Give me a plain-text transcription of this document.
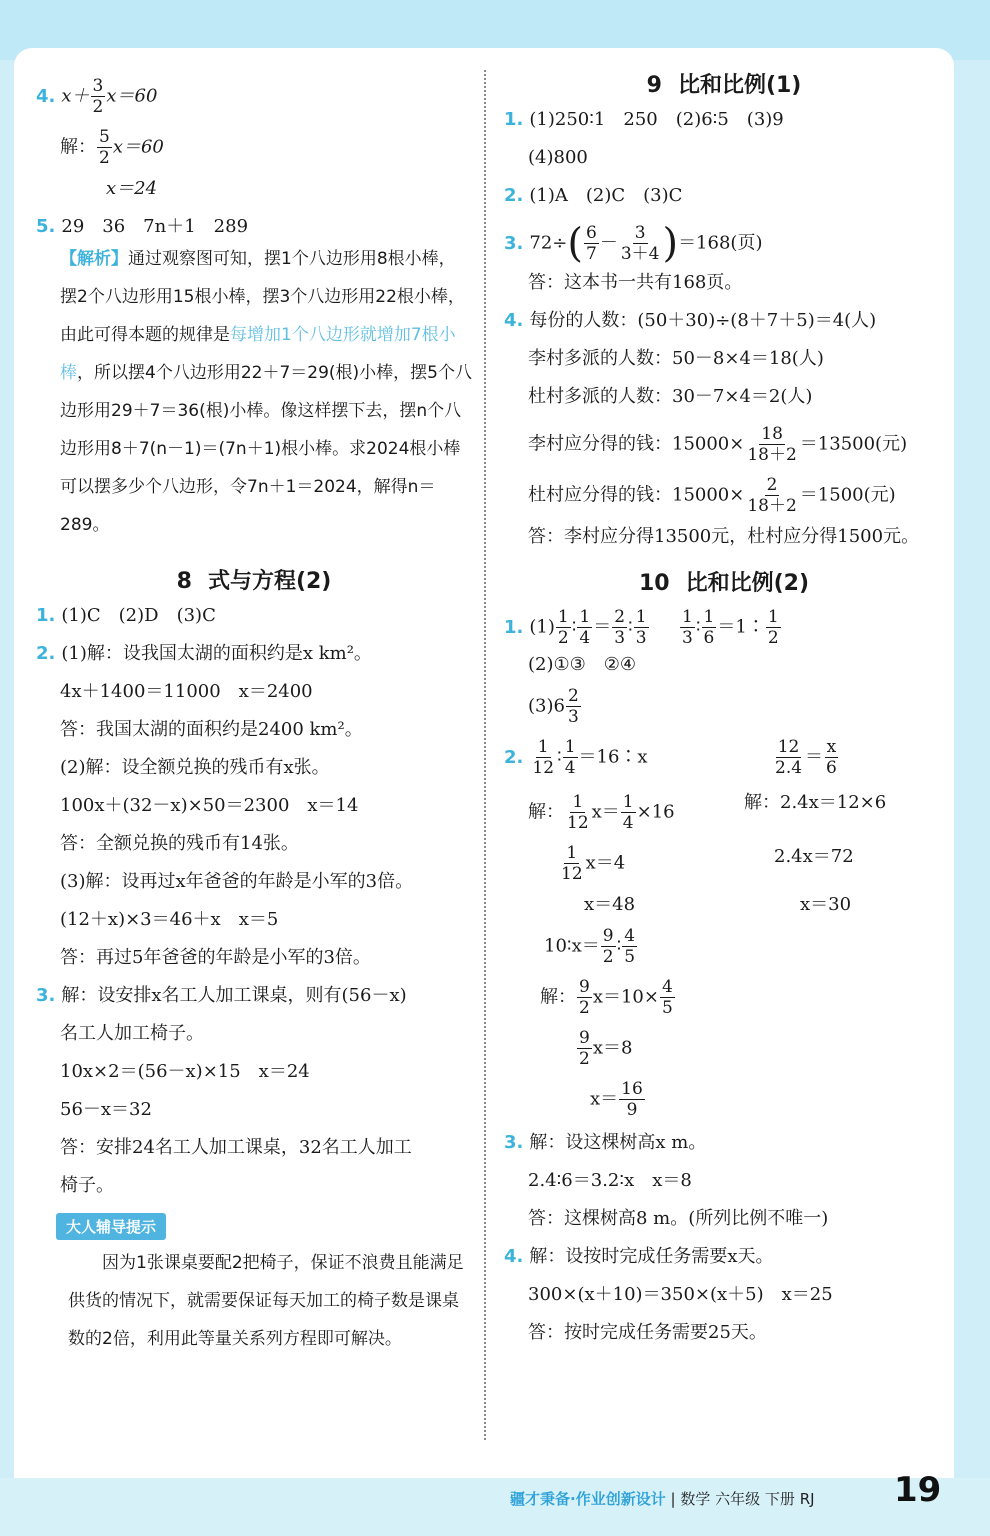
4. $x+ \frac{3}{2} x=60$
解： $\frac{5}{2} x=60$
x＝24
5. 29　36　7n＋1　289
【解析】通过观察图可知，摆1个八边形用8根小棒，摆2个八边形用15根小棒，摆3个八边形用22根小棒，由此可得本题的规律是每增加1个八边形就增加7根小棒，所以摆4个八边形用22＋7＝29(根)小棒，摆5个八边形用29＋7＝36(根)小棒。像这样摆下去，摆n个八边形用8＋7(n－1)＝(7n＋1)根小棒。求2024根小棒可以摆多少个八边形，令7n＋1＝2024，解得n＝289。
8 式与方程(2)
1. (1)C　(2)D　(3)C
2. (1)解：设我国太湖的面积约是x km²。
4x＋1400＝11000　x＝2400
答：我国太湖的面积约是2400 km²。
(2)解：设全额兑换的残币有x张。
100x＋(32－x)×50＝2300　x＝14
答：全额兑换的残币有14张。
(3)解：设再过x年爸爸的年龄是小军的3倍。
(12＋x)×3＝46＋x　x＝5
答：再过5年爸爸的年龄是小军的3倍。
3. 解：设安排x名工人加工课桌，则有(56－x)
名工人加工椅子。
10x×2＝(56－x)×15　x＝24
56－x＝32
答：安排24名工人加工课桌，32名工人加工
椅子。
大人辅导提示
因为1张课桌要配2把椅子，保证不浪费且能满足供货的情况下，就需要保证每天加工的椅子数是课桌数的2倍，利用此等量关系列方程即可解决。
9 比和比例(1)
1. (1)250∶1　250　(2)6∶5　(3)9
(4)800
2. (1)A　(2)C　(3)C
3. $72\div( \frac{6}{7} - \frac{3}{3+4} )=168$(页)
答：这本书一共有168页。
4. 每份的人数：(50＋30)÷(8＋7＋5)＝4(人)
李村多派的人数：50－8×4＝18(人)
杜村多派的人数：30－7×4＝2(人)
李村应分得的钱：$15000\times \frac{18}{18+2} =13500$(元)
杜村应分得的钱：$15000\times \frac{2}{18+2} =1500$(元)
答：李村应分得13500元，杜村应分得1500元。
10 比和比例(2)
1. $(1) \frac{1}{2}$ ∶ $\frac{1}{4} = \frac{2}{3}$ ∶ $\frac{1}{3}$
$\frac{1}{3}$ ∶ $\frac{1}{6}$ ＝1∶ $\frac{1}{2}$
(2)①③　②④
$(3)6 \frac{2}{3}$
2. $\frac{1}{12}$ ∶ $\frac{1}{4}$ ＝16∶x
解： $\frac{1}{12} x= \frac{1}{4} \times 16$
$\frac{1}{12} x=4$
x＝48
$\frac{12}{2.4} = \frac{x}{6}$
解：2.4x＝12×6
2.4x＝72
x＝30
10∶x＝ $\frac{9}{2}$ ∶ $\frac{4}{5}$
解： $\frac{9}{2} x=10\times \frac{4}{5}$
$\frac{9}{2} x=8$
$x= \frac{16}{9}$
3. 解：设这棵树高x m。
2.4∶6＝3.2∶x　x＝8
答：这棵树高8 m。(所列比例不唯一)
4. 解：设按时完成任务需要x天。
300×(x＋10)＝350×(x＋5)　x＝25
答：按时完成任务需要25天。
疆才秉备·作业创新设计 | 数学 六年级 下册 RJ 19
